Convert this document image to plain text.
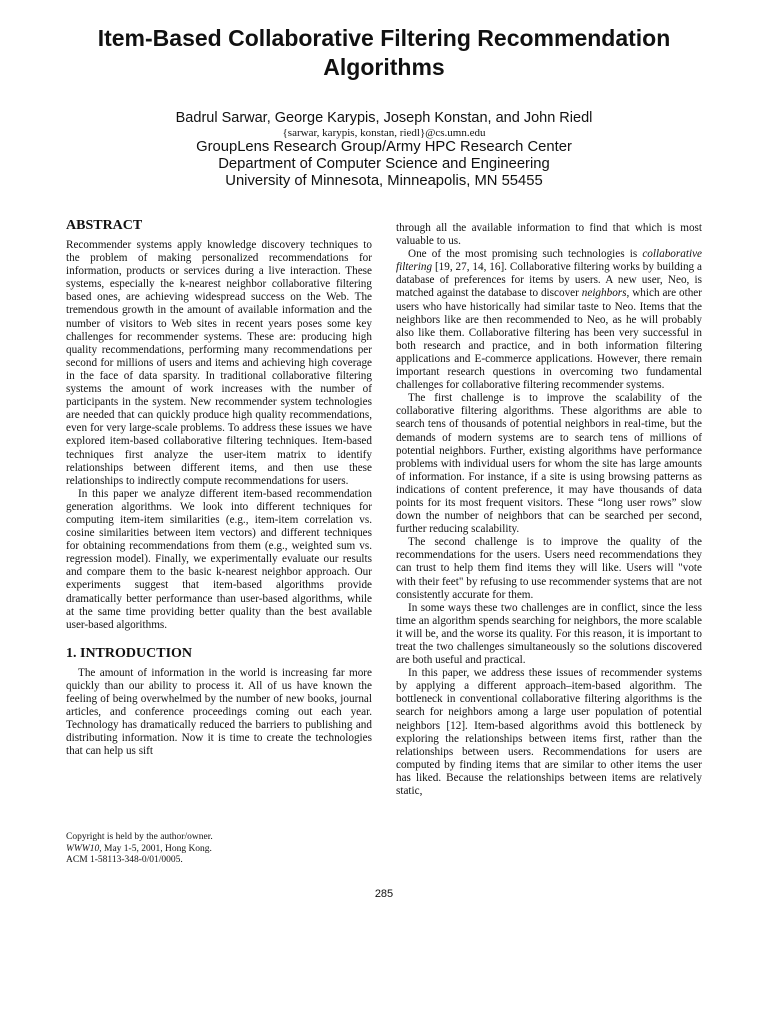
Item-Based Collaborative Filtering Recommendation Algorithms
Badrul Sarwar, George Karypis, Joseph Konstan, and John Riedl
{sarwar, karypis, konstan, riedl}@cs.umn.edu
GroupLens Research Group/Army HPC Research Center
Department of Computer Science and Engineering
University of Minnesota, Minneapolis, MN 55455
ABSTRACT

Recommender systems apply knowledge discovery techniques to the problem of making personalized recommendations for information, products or services during a live interaction. These systems, especially the k-nearest neighbor collaborative filtering based ones, are achieving widespread success on the Web. The tremendous growth in the amount of available information and the number of visitors to Web sites in recent years poses some key challenges for recommender systems. These are: producing high quality recommendations, performing many recommendations per second for millions of users and items and achieving high coverage in the face of data sparsity. In traditional collaborative filtering systems the amount of work increases with the number of participants in the system. New recommender system technologies are needed that can quickly produce high quality recommendations, even for very large-scale problems. To address these issues we have explored item-based collaborative filtering techniques. Item-based techniques first analyze the user-item matrix to identify relationships between different items, and then use these relationships to indirectly compute recommendations for users.

In this paper we analyze different item-based recommendation generation algorithms. We look into different techniques for computing item-item similarities (e.g., item-item correlation vs. cosine similarities between item vectors) and different techniques for obtaining recommendations from them (e.g., weighted sum vs. regression model). Finally, we experimentally evaluate our results and compare them to the basic k-nearest neighbor approach. Our experiments suggest that item-based algorithms provide dramatically better performance than user-based algorithms, while at the same time providing better quality than the best available user-based algorithms.

1. INTRODUCTION

The amount of information in the world is increasing far more quickly than our ability to process it. All of us have known the feeling of being overwhelmed by the number of new books, journal articles, and conference proceedings coming out each year. Technology has dramatically reduced the barriers to publishing and distributing information. Now it is time to create the technologies that can help us sift

Copyright is held by the author/owner.
WWW10, May 1-5, 2001, Hong Kong.
ACM 1-58113-348-0/01/0005.

through all the available information to find that which is most valuable to us.

One of the most promising such technologies is collaborative filtering [19, 27, 14, 16]. Collaborative filtering works by building a database of preferences for items by users. A new user, Neo, is matched against the database to discover neighbors, which are other users who have historically had similar taste to Neo. Items that the neighbors like are then recommended to Neo, as he will probably also like them. Collaborative filtering has been very successful in both research and practice, and in both information filtering applications and E-commerce applications. However, there remain important research questions in overcoming two fundamental challenges for collaborative filtering recommender systems.

The first challenge is to improve the scalability of the collaborative filtering algorithms. These algorithms are able to search tens of thousands of potential neighbors in real-time, but the demands of modern systems are to search tens of millions of potential neighbors. Further, existing algorithms have performance problems with individual users for whom the site has large amounts of information. For instance, if a site is using browsing patterns as indications of content preference, it may have thousands of data points for its most frequent visitors. These “long user rows” slow down the number of neighbors that can be searched per second, further reducing scalability.

The second challenge is to improve the quality of the recommendations for the users. Users need recommendations they can trust to help them find items they will like. Users will "vote with their feet" by refusing to use recommender systems that are not consistently accurate for them.

In some ways these two challenges are in conflict, since the less time an algorithm spends searching for neighbors, the more scalable it will be, and the worse its quality. For this reason, it is important to treat the two challenges simultaneously so the solutions discovered are both useful and practical.

In this paper, we address these issues of recommender systems by applying a different approach–item-based algorithm. The bottleneck in conventional collaborative filtering algorithms is the search for neighbors among a large user population of potential neighbors [12]. Item-based algorithms avoid this bottleneck by exploring the relationships between items first, rather than the relationships between users. Recommendations for users are computed by finding items that are similar to other items the user has liked. Because the relationships between items are relatively static,

285
